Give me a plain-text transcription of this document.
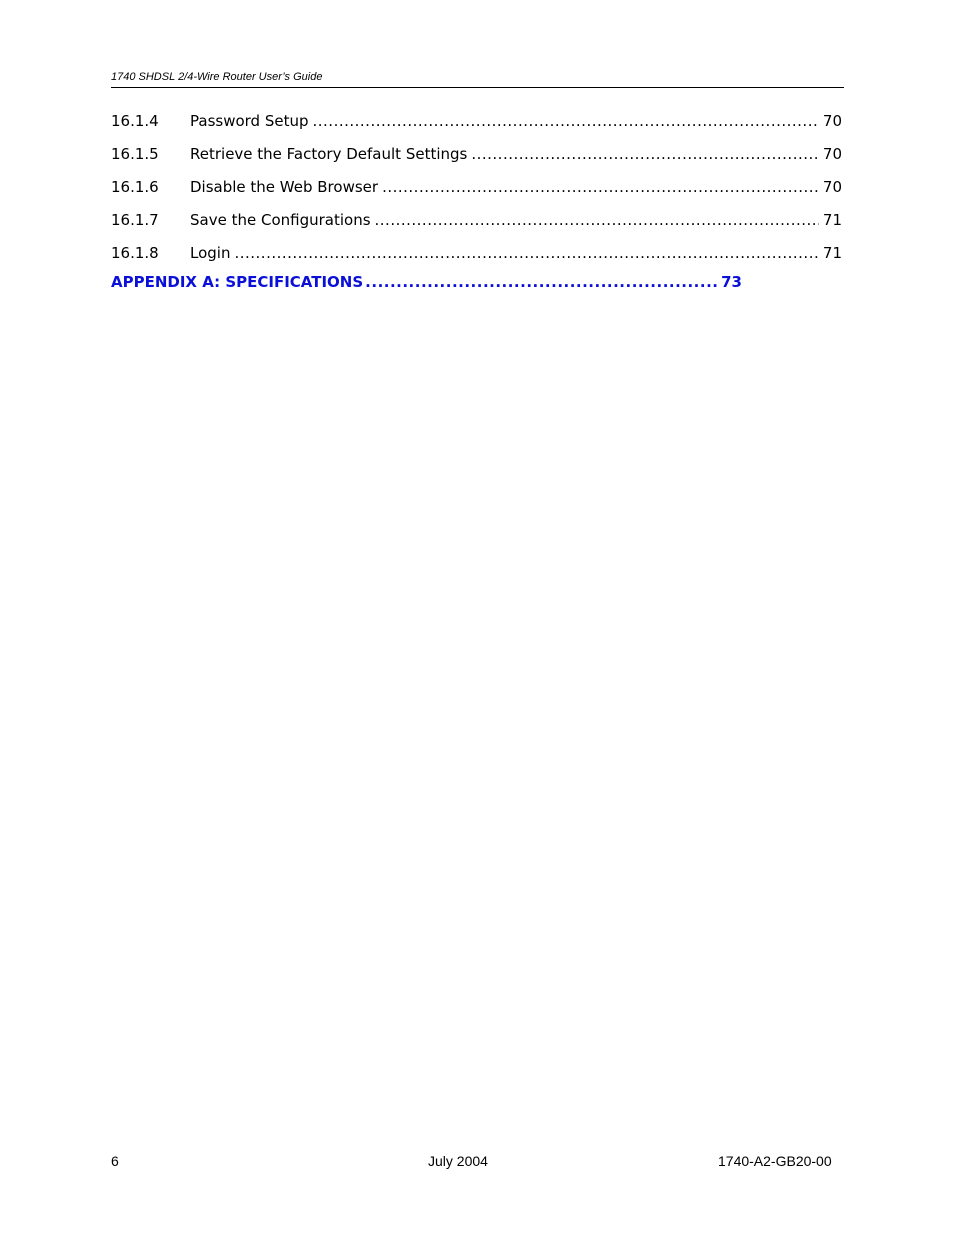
1740 SHDSL 2/4-Wire Router User’s Guide
16.1.4	Password Setup .....	70
16.1.5	Retrieve the Factory Default Settings .....	70
16.1.6	Disable the Web Browser .....	70
16.1.7	Save the Configurations .....	71
16.1.8	Login .....	71
APPENDIX A: SPECIFICATIONS .....	73
6	July 2004	1740-A2-GB20-00
